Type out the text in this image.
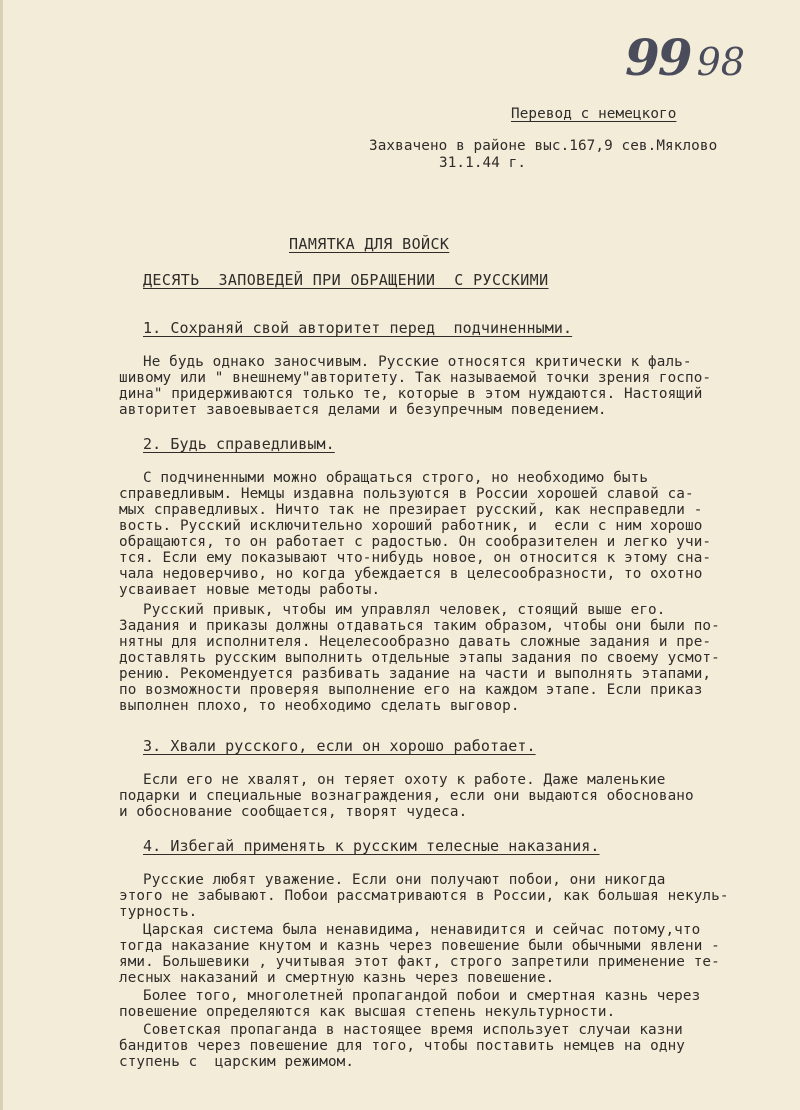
99 98
Перевод с немецкого
Захвачено в районе выс.167,9 сев.Мяклово
31.1.44 г.
ПАМЯТКА ДЛЯ ВОЙСК
ДЕСЯТЬ  ЗАПОВЕДЕЙ ПРИ ОБРАЩЕНИИ  С РУССКИМИ
1. Сохраняй свой авторитет перед  подчиненными.
Не будь однако заносчивым. Русские относятся критически к фаль-
шивому или " внешнему"авторитету. Так называемой точки зрения госпо-
дина" придерживаются только те, которые в этом нуждаются. Настоящий
авторитет завоевывается делами и безупречным поведением.
2. Будь справедливым.
С подчиненными можно обращаться строго, но необходимо быть
справедливым. Немцы издавна пользуются в России хорошей славой са-
мых справедливых. Ничто так не презирает русский, как несправедли -
вость. Русский исключительно хороший работник, и  если с ним хорошо
обращаются, то он работает с радостью. Он сообразителен и легко учи-
тся. Если ему показывают что-нибудь новое, он относится к этому сна-
чала недоверчиво, но когда убеждается в целесообразности, то охотно
усваивает новые методы работы.
Русский привык, чтобы им управлял человек, стоящий выше его.
Задания и приказы должны отдаваться таким образом, чтобы они были по-
нятны для исполнителя. Нецелесообразно давать сложные задания и пре-
доставлять русским выполнить отдельные этапы задания по своему усмот-
рению. Рекомендуется разбивать задание на части и выполнять этапами,
по возможности проверяя выполнение его на каждом этапе. Если приказ
выполнен плохо, то необходимо сделать выговор.
3. Хвали русского, если он хорошо работает.
Если его не хвалят, он теряет охоту к работе. Даже маленькие
подарки и специальные вознаграждения, если они выдаются обосновано
и обоснование сообщается, творят чудеса.
4. Избегай применять к русским телесные наказания.
Русские любят уважение. Если они получают побои, они никогда
этого не забывают. Побои рассматриваются в России, как большая некуль-
турность.
Царская система была ненавидима, ненавидится и сейчас потому,что
тогда наказание кнутом и казнь через повешение были обычными явлени -
ями. Большевики , учитывая этот факт, строго запретили применение те-
лесных наказаний и смертную казнь через повешение.
Более того, многолетней пропагандой побои и смертная казнь через
повешение определяются как высшая степень некультурности.
Советская пропаганда в настоящее время использует случаи казни
бандитов через повешение для того, чтобы поставить немцев на одну
ступень с  царским режимом.
